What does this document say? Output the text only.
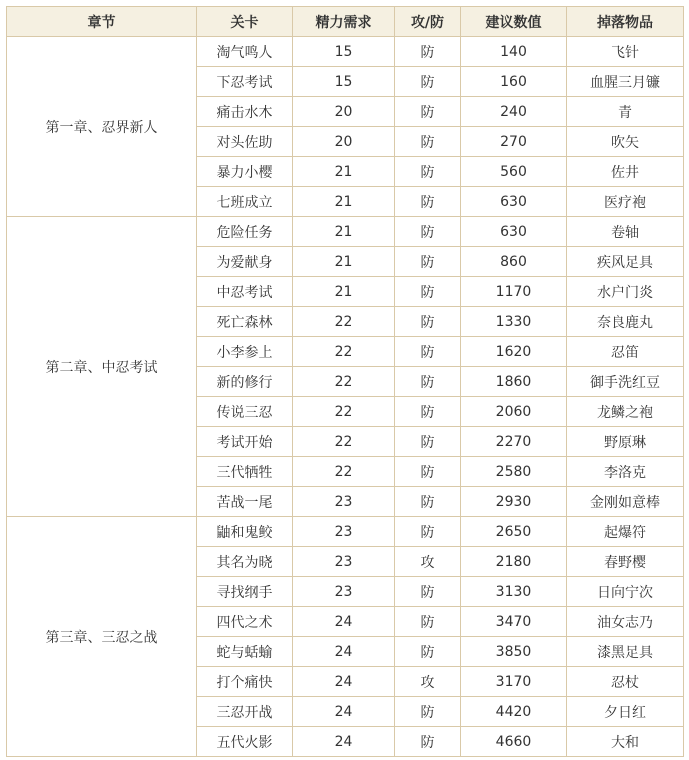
章节	关卡	精力需求	攻/防	建议数值	掉落物品
第一章、忍界新人	淘气鸣人	15	防	140	飞针
	下忍考试	15	防	160	血腥三月镰
	痛击水木	20	防	240	青
	对头佐助	20	防	270	吹矢
	暴力小樱	21	防	560	佐井
	七班成立	21	防	630	医疗袍
第二章、中忍考试	危险任务	21	防	630	卷轴
	为爱献身	21	防	860	疾风足具
	中忍考试	21	防	1170	水户门炎
	死亡森林	22	防	1330	奈良鹿丸
	小李参上	22	防	1620	忍笛
	新的修行	22	防	1860	御手洗红豆
	传说三忍	22	防	2060	龙鳞之袍
	考试开始	22	防	2270	野原琳
	三代牺牲	22	防	2580	李洛克
	苦战一尾	23	防	2930	金刚如意棒
第三章、三忍之战	鼬和鬼鲛	23	防	2650	起爆符
	其名为晓	23	攻	2180	春野樱
	寻找纲手	23	防	3130	日向宁次
	四代之术	24	防	3470	油女志乃
	蛇与蛞蝓	24	防	3850	漆黑足具
	打个痛快	24	攻	3170	忍杖
	三忍开战	24	防	4420	夕日红
	五代火影	24	防	4660	大和
